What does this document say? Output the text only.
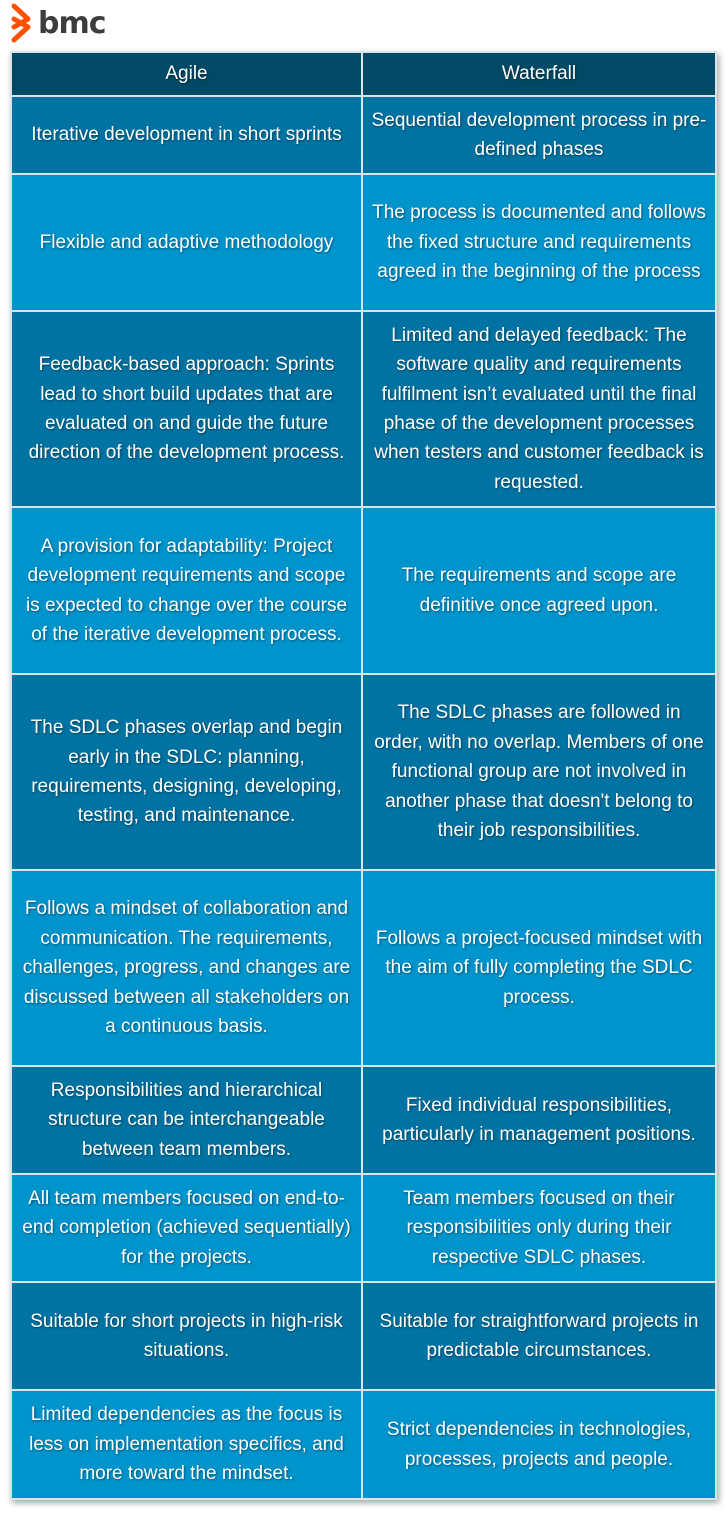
bmc
Agile	Waterfall
Iterative development in short sprints	Sequential development process in pre-defined phases
Flexible and adaptive methodology	The process is documented and follows the fixed structure and requirements agreed in the beginning of the process
Feedback-based approach: Sprints lead to short build updates that are evaluated on and guide the future direction of the development process.	Limited and delayed feedback: The software quality and requirements fulfilment isn’t evaluated until the final phase of the development processes when testers and customer feedback is requested.
A provision for adaptability: Project development requirements and scope is expected to change over the course of the iterative development process.	The requirements and scope are definitive once agreed upon.
The SDLC phases overlap and begin early in the SDLC: planning, requirements, designing, developing, testing, and maintenance.	The SDLC phases are followed in order, with no overlap. Members of one functional group are not involved in another phase that doesn't belong to their job responsibilities.
Follows a mindset of collaboration and communication. The requirements, challenges, progress, and changes are discussed between all stakeholders on a continuous basis.	Follows a project-focused mindset with the aim of fully completing the SDLC process.
Responsibilities and hierarchical structure can be interchangeable between team members.	Fixed individual responsibilities, particularly in management positions.
All team members focused on end-to-end completion (achieved sequentially) for the projects.	Team members focused on their responsibilities only during their respective SDLC phases.
Suitable for short projects in high-risk situations.	Suitable for straightforward projects in predictable circumstances.
Limited dependencies as the focus is less on implementation specifics, and more toward the mindset.	Strict dependencies in technologies, processes, projects and people.
